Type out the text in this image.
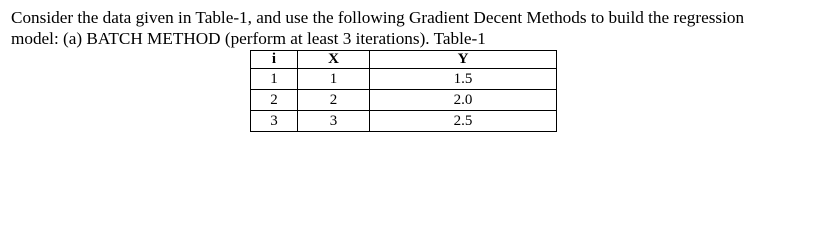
Consider the data given in Table-1, and use the following Gradient Decent Methods to build the regression
model: (a) BATCH METHOD (perform at least 3 iterations). Table-1
i	X	Y
1	1	1.5
2	2	2.0
3	3	2.5
